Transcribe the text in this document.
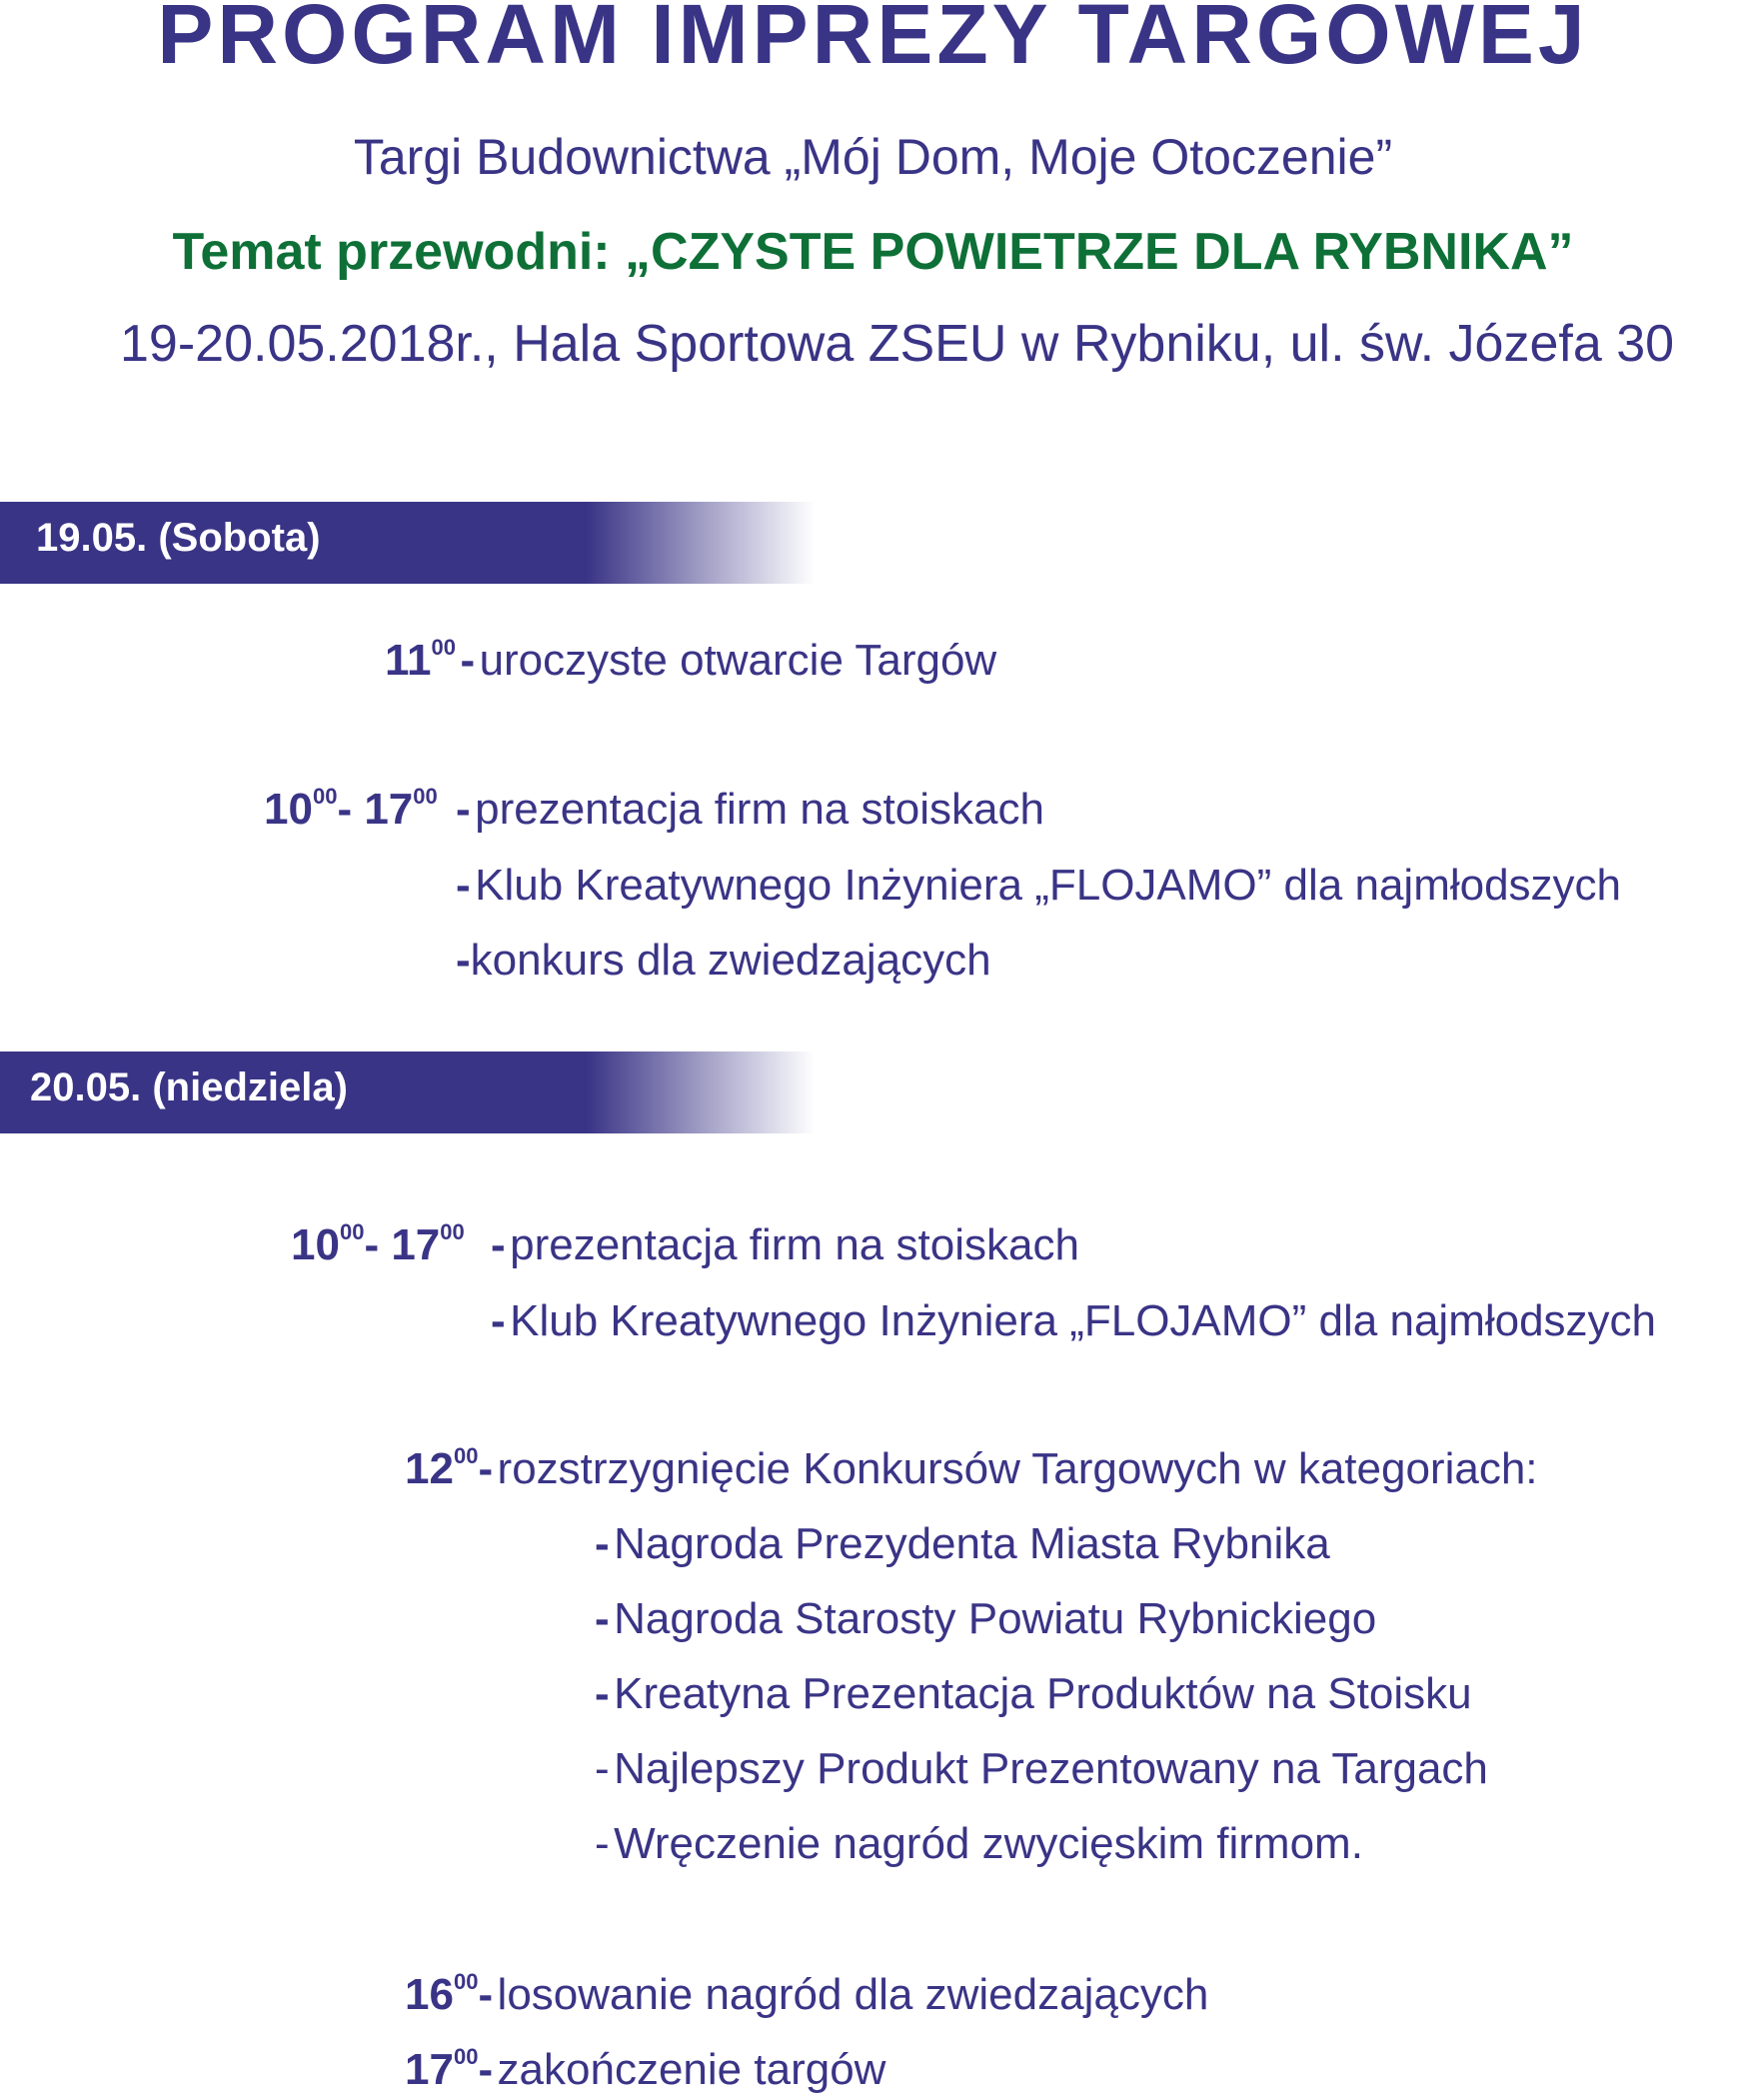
PROGRAM IMPREZY TARGOWEJ
Targi Budownictwa „Mój Dom, Moje Otoczenie”
Temat przewodni: „CZYSTE POWIETRZE DLA RYBNIKA”
19-20.05.2018r., Hala Sportowa ZSEU w Rybniku, ul. św. Józefa 30
19.05. (Sobota)
$11^{00}$ - uroczyste otwarcie Targów
$10^{00}-$ $17^{00}$ - prezentacja firm na stoiskach
- Klub Kreatywnego Inżyniera „FLOJAMO” dla najmłodszych
-konkurs dla zwiedzających
20.05. (niedziela)
$10^{00}-$ $17^{00}$ - prezentacja firm na stoiskach
- Klub Kreatywnego Inżyniera „FLOJAMO” dla najmłodszych
$12^{00}-$ rozstrzygnięcie Konkursów Targowych w kategoriach:
- Nagroda Prezydenta Miasta Rybnika
- Nagroda Starosty Powiatu Rybnickiego
- Kreatyna Prezentacja Produktów na Stoisku
- Najlepszy Produkt Prezentowany na Targach
- Wręczenie nagród zwycięskim firmom.
$16^{00}-$ losowanie nagród dla zwiedzających
$17^{00}-$ zakończenie targów
